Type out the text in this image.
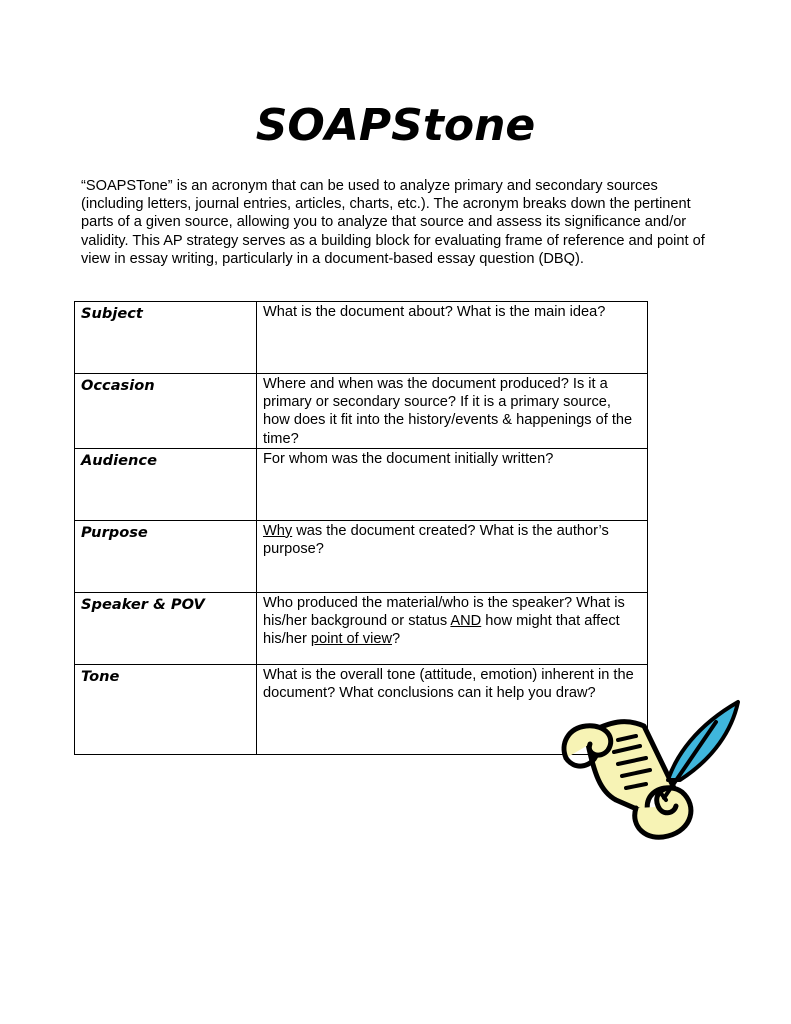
SOAPStone
“SOAPSTone” is an acronym that can be used to analyze primary and secondary sources (including letters, journal entries, articles, charts, etc.). The acronym breaks down the pertinent parts of a given source, allowing you to analyze that source and assess its significance and/or validity. This AP strategy serves as a building block for evaluating frame of reference and point of view in essay writing, particularly in a document-based essay question (DBQ).
Subject	What is the document about? What is the main idea?
Occasion	Where and when was the document produced? Is it a primary or secondary source? If it is a primary source, how does it fit into the history/events & happenings of the time?
Audience	For whom was the document initially written?
Purpose	Why was the document created? What is the author’s purpose?
Speaker & POV	Who produced the material/who is the speaker? What is his/her background or status AND how might that affect his/her point of view?
Tone	What is the overall tone (attitude, emotion) inherent in the document? What conclusions can it help you draw?
